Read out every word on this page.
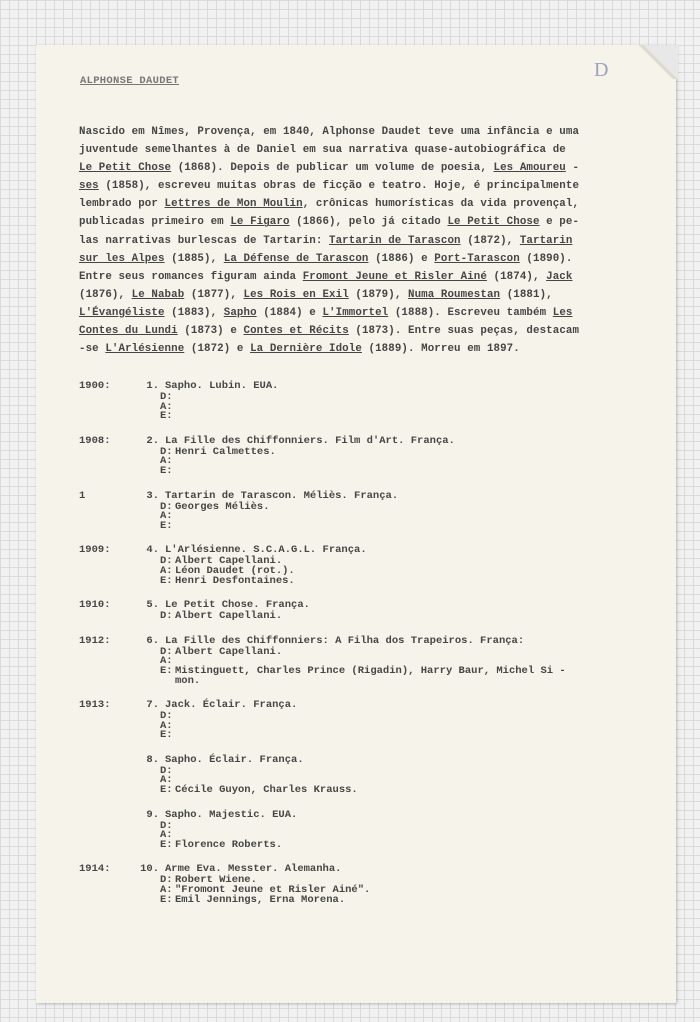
D
ALPHONSE DAUDET
Nascido em Nîmes, Provença, em 1840, Alphonse Daudet teve uma infância e uma
juventude semelhantes à de Daniel em sua narrativa quase-autobiográfica de
Le Petit Chose (1868). Depois de publicar um volume de poesia, Les Amoureu -
ses (1858), escreveu muitas obras de ficção e teatro. Hoje, é principalmente
lembrado por Lettres de Mon Moulin, crônicas humorísticas da vida provençal,
publicadas primeiro em Le Figaro (1866), pelo já citado Le Petit Chose e pe-
las narrativas burlescas de Tartarin: Tartarin de Tarascon (1872), Tartarin
sur les Alpes (1885), La Défense de Tarascon (1886) e Port-Tarascon (1890).
Entre seus romances figuram ainda Fromont Jeune et Risler Ainé (1874), Jack
(1876), Le Nabab (1877), Les Rois en Exil (1879), Numa Roumestan (1881),
L'Évangéliste (1883), Sapho (1884) e L'Immortel (1888). Escreveu também Les
Contes du Lundi (1873) e Contes et Récits (1873). Entre suas peças, destacam
-se L'Arlésienne (1872) e La Dernière Idole (1889). Morreu em 1897.
1900:	1. Sapho. Lubin. EUA.
D:
A:
E:
1908:	2. La Fille des Chiffonniers. Film d'Art. França.
D: Henri Calmettes.
A:
E:
1	3. Tartarin de Tarascon. Méliès. França.
D: Georges Méliès.
A:
E:
1909:	4. L'Arlésienne. S.C.A.G.L. França.
D: Albert Capellani.
A: Léon Daudet (rot.).
E: Henri Desfontaines.
1910:	5. Le Petit Chose. França.
D: Albert Capellani.
1912:	6. La Fille des Chiffonniers: A Filha dos Trapeiros. França:
D: Albert Capellani.
A:
E: Mistinguett, Charles Prince (Rigadin), Harry Baur, Michel Si -
mon.
1913:	7. Jack. Éclair. França.
D:
A:
E:
8. Sapho. Éclair. França.
D:
A:
E: Cécile Guyon, Charles Krauss.
9. Sapho. Majestic. EUA.
D:
A:
E: Florence Roberts.
1914:	10. Arme Eva. Messter. Alemanha.
D: Robert Wiene.
A: "Fromont Jeune et Risler Ainé".
E: Emil Jennings, Erna Morena.
